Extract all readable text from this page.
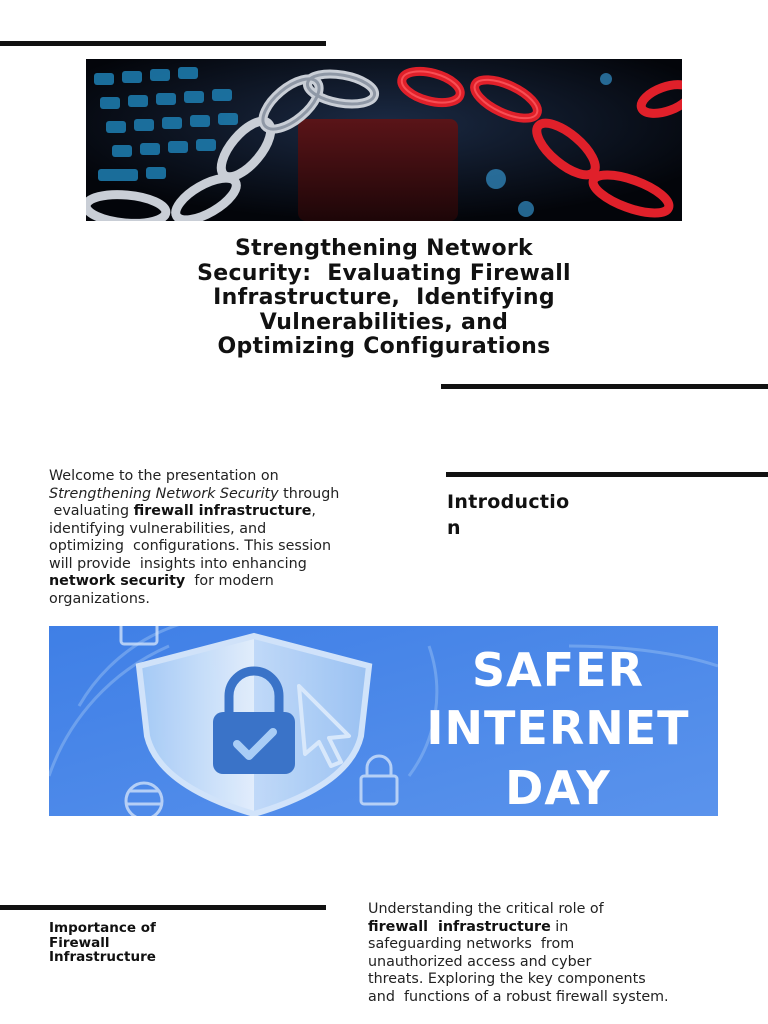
Strengthening Network
Security:  Evaluating Firewall
Infrastructure,  Identifying
Vulnerabilities, and
Optimizing Configurations
Welcome to the presentation on
Strengthening Network Security through
evaluating firewall infrastructure,
identifying vulnerabilities, and
optimizing  configurations. This session
will provide  insights into enhancing
network security  for modern
organizations.
Introductio
n
SAFER
INTERNET
DAY
Importance of
Firewall
Infrastructure
Understanding the critical role of
firewall  infrastructure in
safeguarding networks  from
unauthorized access and cyber
threats. Exploring the key components
and  functions of a robust firewall system.
